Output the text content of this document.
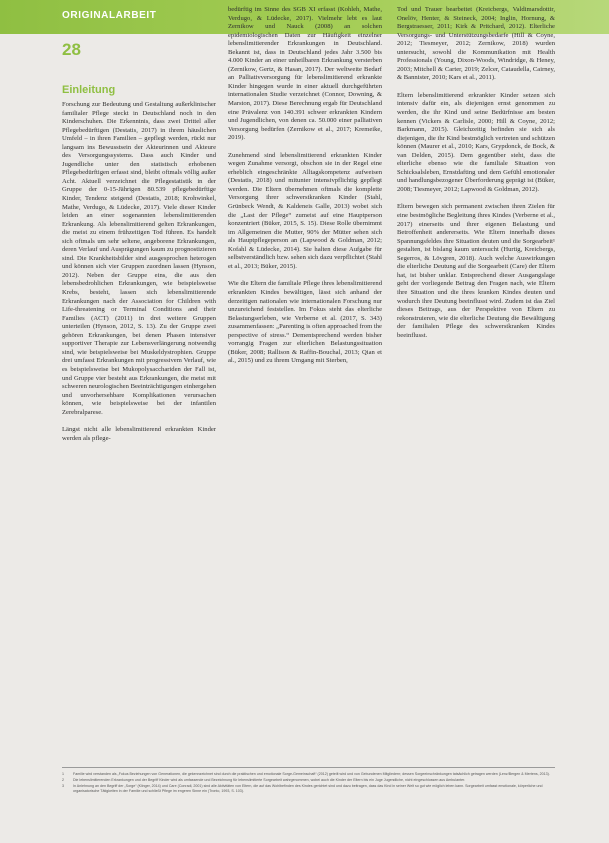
ORIGINALARBEIT
28
Einleitung

Forschung zur Bedeutung und Gestaltung außerklinischer familialer Pflege steckt in Deutschland noch in den Kinderschuhen. Die Erkenntnis, dass zwei Drittel aller Pflegebedürftigen (Destatis, 2017) in ihrem häuslichen Umfeld – in ihren Familien – gepflegt werden, rückt nur langsam ins Bewusstsein der Akteurinnen und Akteure des Versorgungssystems. Dass auch Kinder und Jugendliche unter den statistisch erhobenen Pflegebedürftigen erfasst sind, bleibt oftmals völlig außer Acht. Aktuell verzeichnet die Pflegestatistik in der Gruppe der 0-15-Jährigen 80.539 pflegebedürftige Kinder, Tendenz steigend (Destatis, 2018; Krohwinkel, Mathe, Verdugo, & Lüdecke, 2017). Viele dieser Kinder leiden an einer sogenannten lebenslimitierenden Erkrankung. Als lebenslimitierend gelten Erkrankungen, die meist zu einem frühzeitigen Tod führen. Es handelt sich oftmals um sehr seltene, angeborene Erkrankungen, deren Verlauf und Ausprägungen kaum zu prognostizieren sind. Die Krankheitsbilder sind ausgesprochen heterogen und können sich vier Gruppen zuordnen lassen (Hynson, 2012). Neben der Gruppe eins, die aus den lebensbedrohlichen Erkrankungen, wie beispielsweise Krebs, besteht, lassen sich lebenslimitierende Erkrankungen nach der Association for Children with Life-threatening or Terminal Conditions and their Families (ACT) (2011) in drei weitere Gruppen unterteilen (Hynson, 2012, S. 13). Zu der Gruppe zwei gehören Erkrankungen, bei denen Phasen intensiver supportiver Therapie zur Lebensverlängerung notwendig sind, wie beispielsweise bei Muskeldystrophien. Gruppe drei umfasst Erkrankungen mit progressivem Verlauf, wie es beispielsweise bei Mukopolysacchariden der Fall ist, und Gruppe vier besteht aus Erkrankungen, die meist mit schweren neurologischen Beeinträchtigungen einhergehen und unvorhersehbare Komplikationen verursachen können, wie beispielsweise bei der infantilen Zerebralparese.

Längst nicht alle lebenslimitierend erkrankten Kinder werden als pflege-

bedürftig im Sinne des SGB XI erfasst (Kohleh, Mathe, Verdugo, & Lüdecke, 2017). Vielmehr lebt es laut Zernikow und Nauck (2008) an solchen epidemiologischen Daten zur Häufigkeit einzelner lebenslimitierender Erkrankungen in Deutschland. Bekannt ist, dass in Deutschland jedes Jahr 3.500 bis 4.000 Kinder an einer unheilbaren Erkrankung versterben (Zernikow, Gertz, & Hasan, 2017). Der weltweite Bedarf an Palliativversorgung für lebenslimitierend erkrankte Kinder hingegen wurde in einer aktuell durchgeführten internationalen Studie verzeichnet (Connor, Downing, & Marston, 2017). Diese Berechnung ergab für Deutschland eine Prävalenz von 140.391 schwer erkrankten Kindern und Jugendlichen, von denen ca. 50.000 einer palliativen Versorgung bedürfen (Zernikow et al., 2017; Kremeike, 2019).

Zunehmend sind lebenslimitierend erkrankten Kinder wegen Zunahme versorgt, obschon sie in der Regel eine erheblich eingeschränkte Alltagskompetenz aufweisen (Destatis, 2018) und mitunter intensivpflichtig gepflegt werden. Die Eltern übernehmen oftmals die komplette Versorgung ihrer schwerstkranken Kinder (Stahl, Grünbeck Wendt, & Kaldeneis Galle, 2013) wobei sich die „Last der Pflege“ zumeist auf eine Hauptperson konzentriert (Büker, 2015, S. 15). Diese Rolle übernimmt im Allgemeinen die Mutter, 90% der Mütter sehen sich als Hauptpflegeperson an (Lapwood & Goldman, 2012; Kofahl & Lüdecke, 2014). Sie halten diese Aufgabe für selbstverständlich bzw. sehen sich dazu verpflichtet (Stahl et al., 2013; Büker, 2015).

Wie die Eltern die familiale Pflege ihres lebenslimitierend erkrankten Kindes bewältigen, lässt sich anhand der derzeitigen nationalen wie internationalen Forschung nur unzureichend feststellen. Im Fokus steht das elterliche Belastungserleben, wie Verberne et al. (2017, S. 343) zusammenfassen: „Parenting is often approached from the perspective of stress.“ Dementsprechend werden bisher vorrangig Fragen zur elterlichen Belastungssituation (Büker, 2008; Rallison & Raffin-Bouchal, 2013; Qian et al., 2015) und zu ihrem Umgang mit Sterben,

Tod und Trauer bearbeitet (Kreicbergs, Valdimarsdottir, Onelöv, Henter, & Steineck, 2004; Inglin, Hornung, & Bergstraesser, 2011; Kirk & Pritchard, 2012). Elterliche Versorgungs- und Unterstützungsbedarfe (Hill & Coyne, 2012; Tiesmeyer, 2012; Zernikow, 2018) wurden untersucht, sowohl die Kommunikation mit Health Professionals (Young, Dixon-Woods, Windridge, & Heney, 2003; Mitchell & Carter, 2019; Zelcer, Cataudella, Cairney, & Bannister, 2010; Kars et al., 2011).

Eltern lebenslimitierend erkrankter Kinder setzen sich intensiv dafür ein, als diejenigen ernst genommen zu werden, die ihr Kind und seine Bedürfnisse am besten kennen (Vickers & Carlisle, 2000; Hill & Coyne, 2012; Barkmann, 2015). Gleichzeitig befinden sie sich als diejenigen, die ihr Kind bestmöglich vertreten und schützen können (Maurer et al., 2010; Kars, Grypdonck, de Bock, & van Delden, 2015). Dem gegenüber steht, dass die elterliche ebenso wie die familiale Situation von Schicksalsleben, Ernstdafting und dem Gefühl emotionaler und handlungsbezogener Überforderung geprägt ist (Büker, 2008; Tiesmeyer, 2012; Lapwood & Goldman, 2012).

Eltern bewegen sich permanent zwischen ihren Zielen für eine bestmögliche Begleitung ihres Kindes (Verberne et al., 2017) einerseits und ihrer eigenen Belastung und Betroffenheit andererseits. Wie Eltern innerhalb dieses Spannungsfeldes ihre Situation deuten und die Sorgearbeit¹ gestalten, ist bislang kaum untersucht (Hurtig, Kreicbergs, Segerros, & Lövgren, 2018). Auch welche Auswirkungen die elterliche Deutung auf die Sorgearbeit (Care) der Eltern hat, ist bisher unklar. Entsprechend dieser Ausgangslage geht der vorliegende Beitrag den Fragen nach, wie Eltern ihre Situation und die ihres kranken Kindes deuten und wodurch ihre Deutung beeinflusst wird. Zudem ist das Ziel dieses Beitrags, aus der Perspektive von Eltern zu rekonstruieren, wie die elterliche Deutung die Bewältigung der familialen Pflege des schwerstkranken Kindes beeinflusst.

1	Familie wird verstanden als „Fokus Beziehungen von Generationen, die gekennzeichnet sind durch die praktischen und emotionale Sorge-Gemeinschaft“ (2012) geteilt wird und von Gebundenen Mitgliedern; dessen Sorgeeinschränkungen tatsächlich getragen werden (Lenz/Bergen & Mertens, 2013).
2	Die lebenslimitierenden Erkrankungen und der Begriff Kinder wird als umfassende und Bezeichnung für lebenslimitierte Sorgearbeit wahrgenommen, wobei auch die Kinder der Eltern bis ein Juge Jugendliche, nicht eingeschlossen aus Ambulanter.
3	In Anlehnung an den Begriff der „Sorge“ (Klinger, 2014) und Care (Conradi, 2001) sind alle Aktivitäten von Eltern, die auf das Wohlbefinden des Kindes gerichtet sind und dazu beitragen, dass das Kind in seiner Welt so gut wie möglich leben kann. Sorgearbeit umfasst emotionale, körperliche und organisatorische Tätigkeiten in der Familie und schließt Pflege im engeren Sinne ein (Tronto, 1993, S. 103).
